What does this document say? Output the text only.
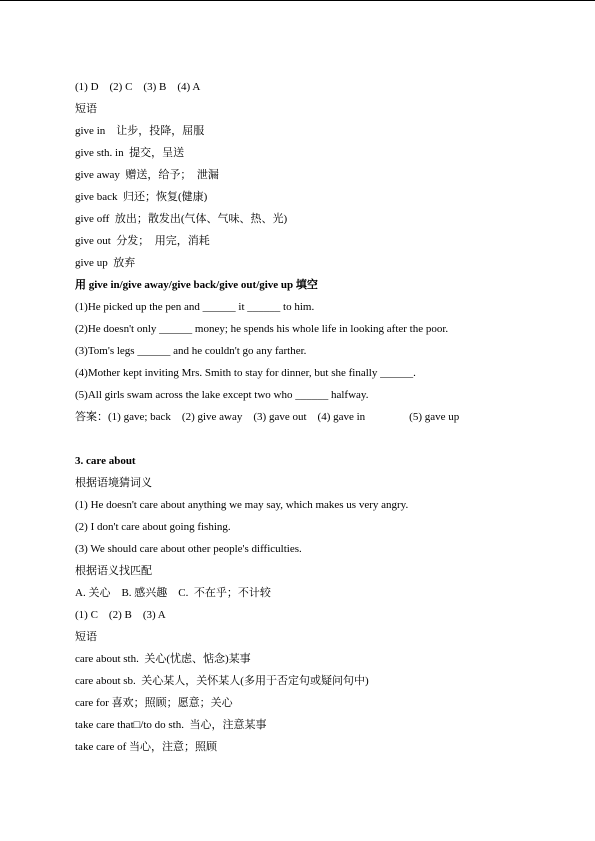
(1) D    (2) C    (3) B    (4) A
短语
give in    让步，投降，屈服
give sth. in  提交，呈送
give away  赠送，给予；  泄漏
give back  归还；恢复(健康)
give off  放出；散发出(气体、气味、热、光)
give out  分发；  用完，消耗
give up  放弃
用 give in/give away/give back/give out/give up 填空
(1)He picked up the pen and ______ it ______ to him.
(2)He doesn't only ______ money; he spends his whole life in looking after the poor.
(3)Tom's legs ______ and he couldn't go any farther.
(4)Mother kept inviting Mrs. Smith to stay for dinner, but she finally ______.
(5)All girls swam across the lake except two who ______ halfway.
答案：(1) gave; back    (2) give away    (3) gave out    (4) gave in                (5) gave up
3. care about
根据语境猜词义
(1) He doesn't care about anything we may say, which makes us very angry.
(2) I don't care about going fishing.
(3) We should care about other people's difficulties.
根据语义找匹配
A. 关心    B. 感兴趣    C.  不在乎；不计较
(1) C    (2) B    (3) A
短语
care about sth.  关心(忧虑、惦念)某事
care about sb.  关心某人，关怀某人(多用于否定句或疑问句中)
care for 喜欢；照顾；愿意；关心
take care that□/to do sth.  当心，注意某事
take care of 当心，注意；照顾
